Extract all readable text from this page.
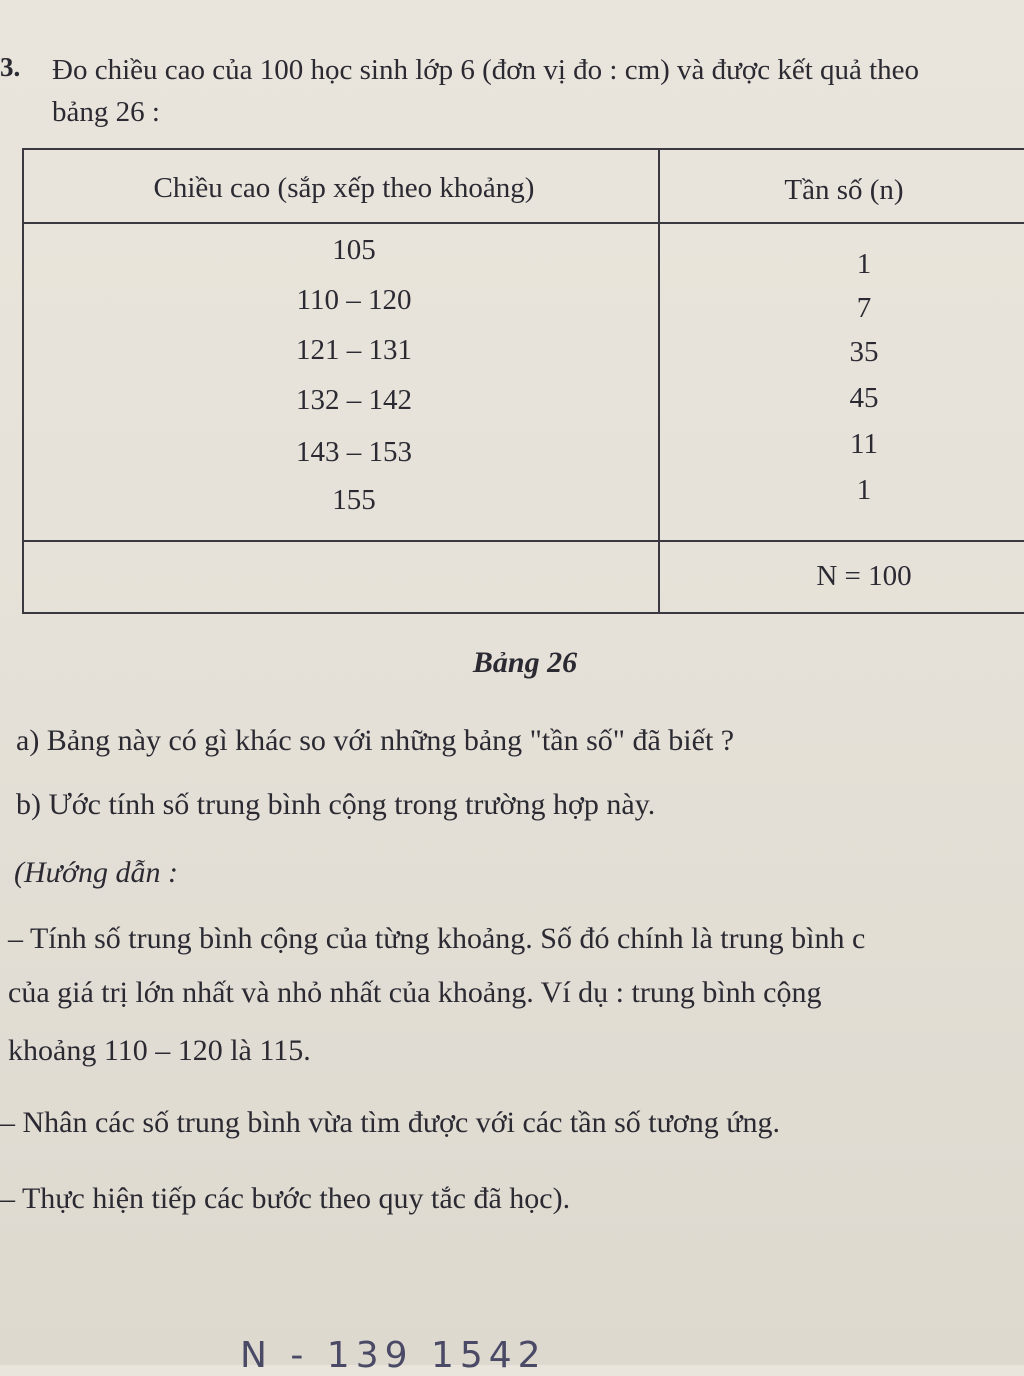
3. Đo chiều cao của 100 học sinh lớp 6 (đơn vị đo : cm) và được kết quả theo
bảng 26 :
Chiều cao (sắp xếp theo khoảng)	Tần số (n)
105
110 – 120
121 – 131
132 – 142
143 – 153
155
1
7
35
45
11
1
N = 100
Bảng 26
a) Bảng này có gì khác so với những bảng "tần số" đã biết ?
b) Ước tính số trung bình cộng trong trường hợp này.
(Hướng dẫn :
– Tính số trung bình cộng của từng khoảng. Số đó chính là trung bình c
của giá trị lớn nhất và nhỏ nhất của khoảng. Ví dụ : trung bình cộng
khoảng 110 – 120 là 115.
– Nhân các số trung bình vừa tìm được với các tần số tương ứng.
– Thực hiện tiếp các bước theo quy tắc đã học).
N - 139 1542
